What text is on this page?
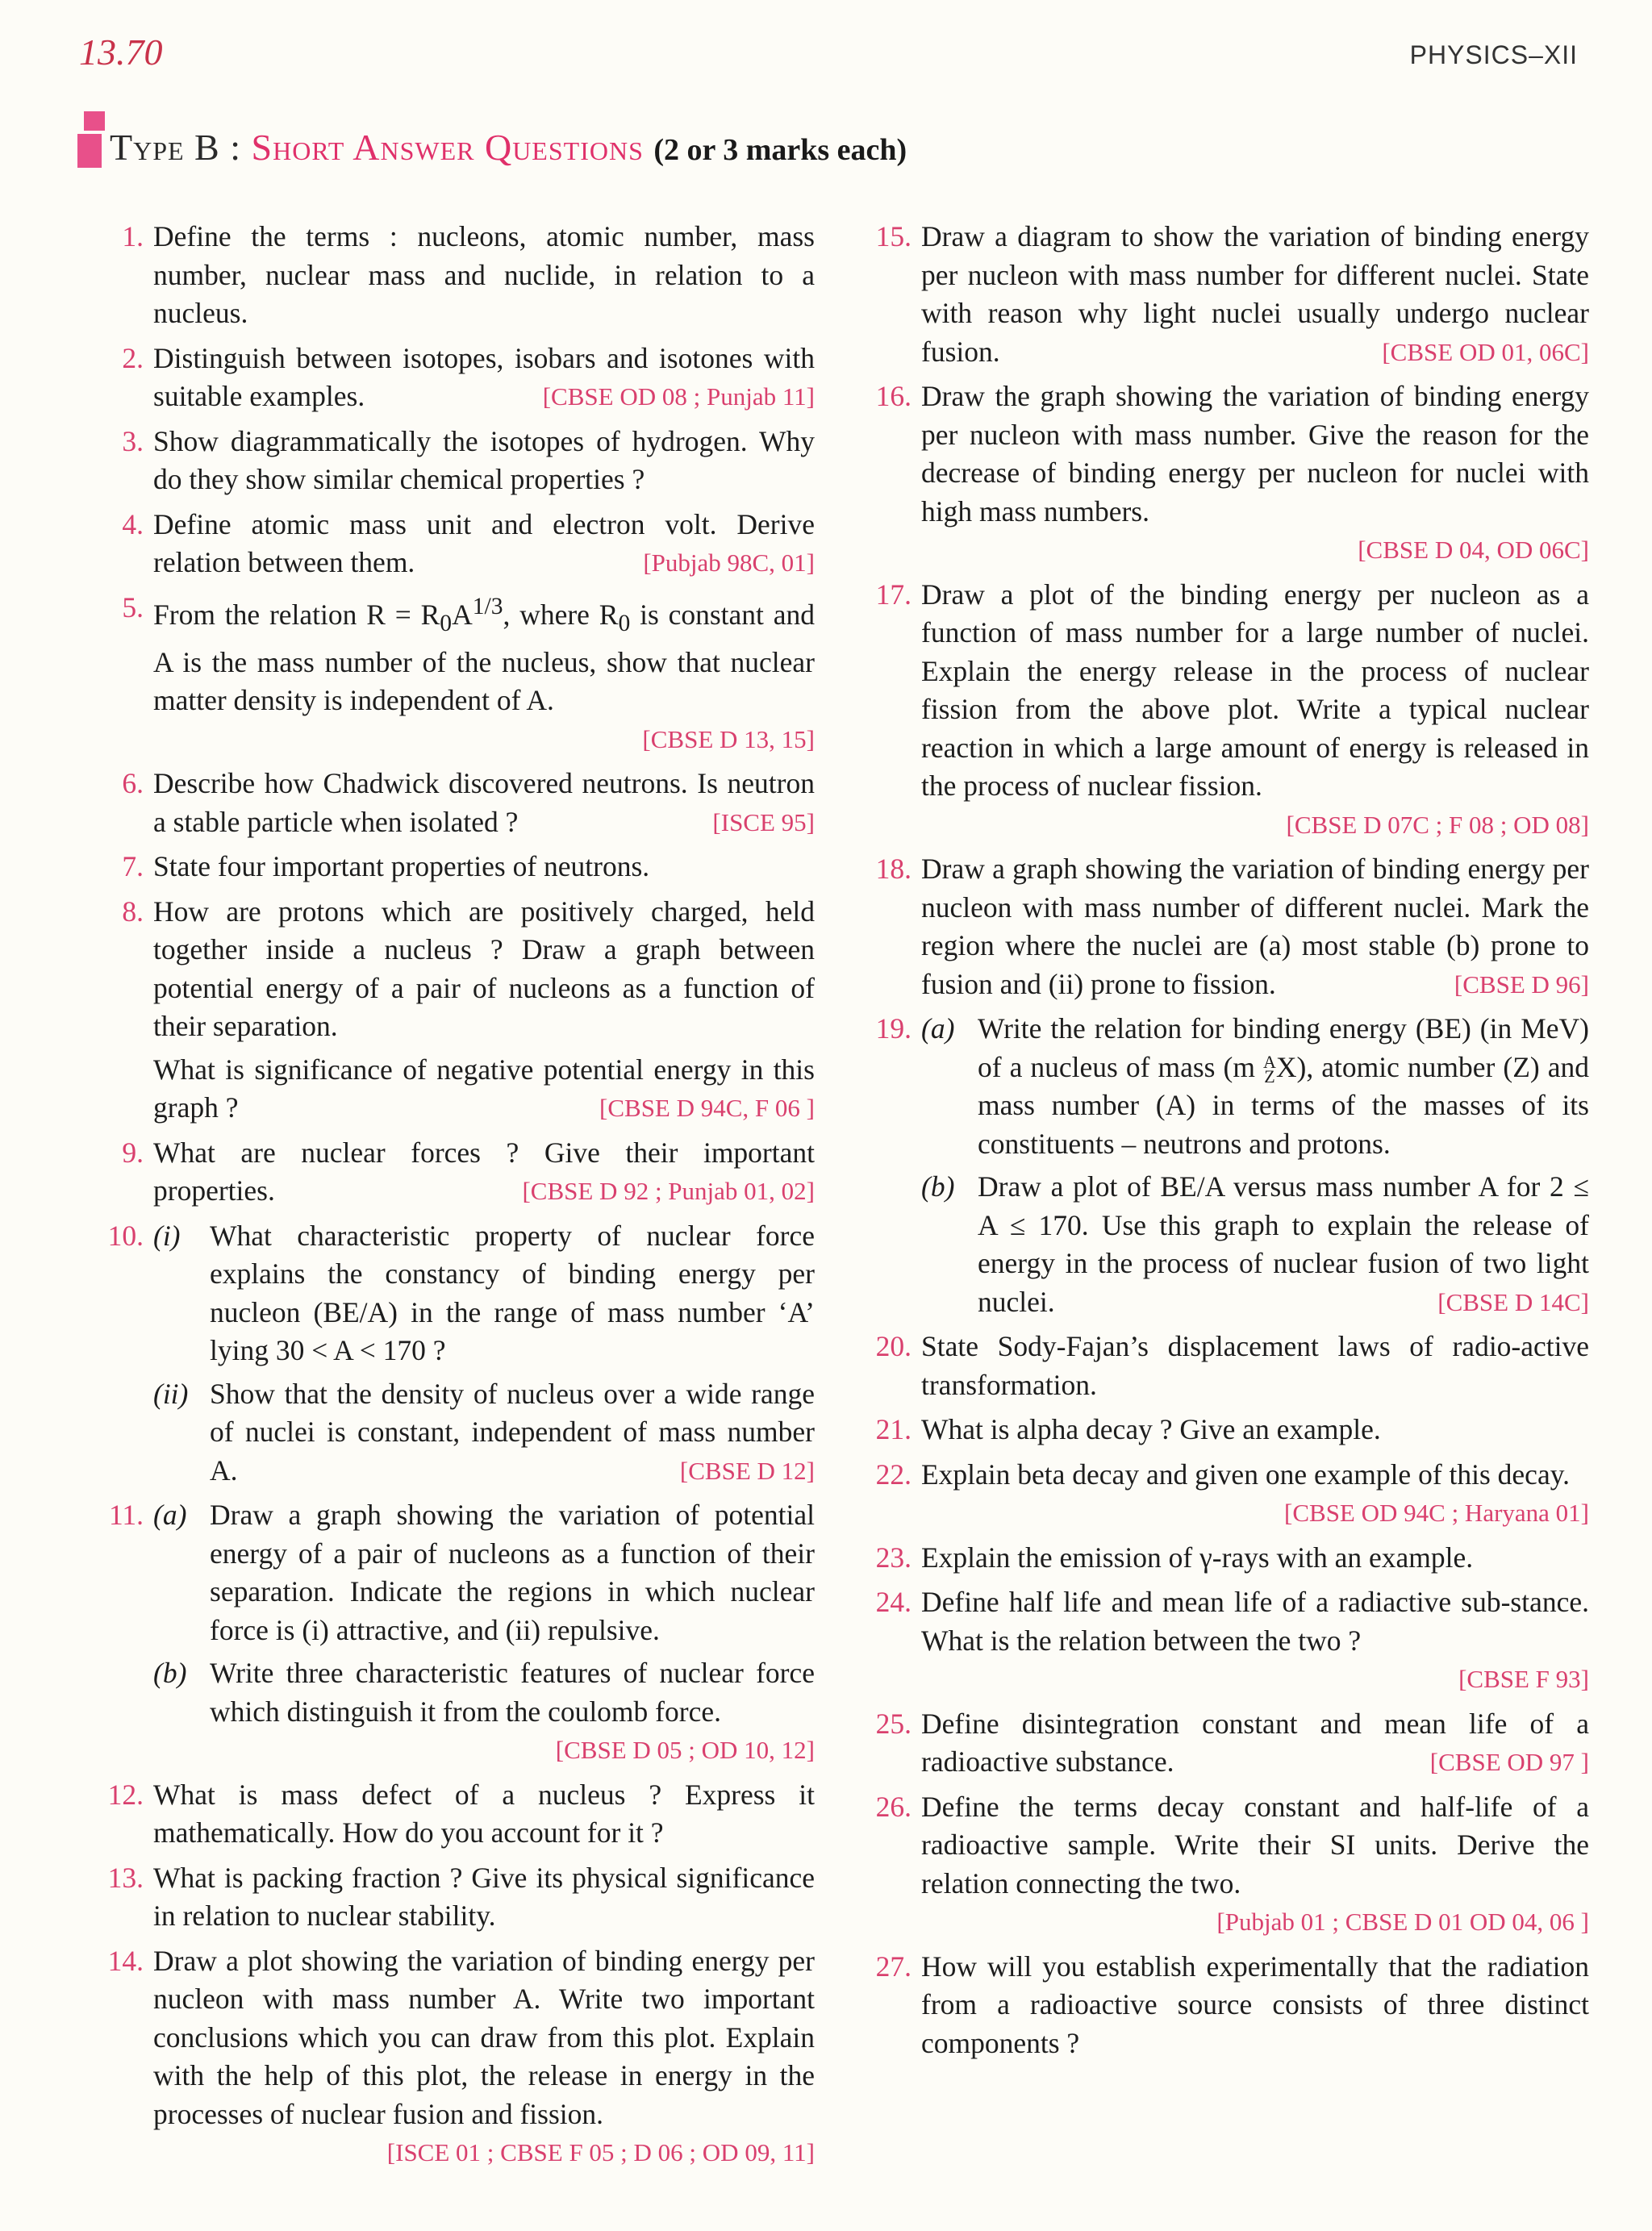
13.70	PHYSICS–XII
Type B : Short Answer Questions (2 or 3 marks each)
1. Define the terms : nucleons, atomic number, mass number, nuclear mass and nuclide, in relation to a nucleus.
2. Distinguish between isotopes, isobars and isotones with suitable examples.	[CBSE OD 08 ; Punjab 11]
3. Show diagrammatically the isotopes of hydrogen. Why do they show similar chemical properties ?
4. Define atomic mass unit and electron volt. Derive relation between them.	[Pubjab 98C, 01]
5. From the relation $R = R_0A^{1/3}$, where $R_0$ is constant and A is the mass number of the nucleus, show that nuclear matter density is independent of A.
[CBSE D 13, 15]
6. Describe how Chadwick discovered neutrons. Is neutron a stable particle when isolated ?	[ISCE 95]
7. State four important properties of neutrons.
8. How are protons which are positively charged, held together inside a nucleus ? Draw a graph between potential energy of a pair of nucleons as a function of their separation.
What is significance of negative potential energy in this graph ?	[CBSE D 94C, F 06 ]
9. What are nuclear forces ? Give their important properties.	[CBSE D 92 ; Punjab 01, 02]
10. (i) What characteristic property of nuclear force explains the constancy of binding energy per nucleon (BE/A) in the range of mass number ‘A’ lying 30 < A < 170 ?
(ii) Show that the density of nucleus over a wide range of nuclei is constant, independent of mass number A.	[CBSE D 12]
11. (a) Draw a graph showing the variation of potential energy of a pair of nucleons as a function of their separation. Indicate the regions in which nuclear force is (i) attractive, and (ii) repulsive.
(b) Write three characteristic features of nuclear force which distinguish it from the coulomb force.
[CBSE D 05 ; OD 10, 12]
12. What is mass defect of a nucleus ? Express it mathematically. How do you account for it ?
13. What is packing fraction ? Give its physical significance in relation to nuclear stability.
14. Draw a plot showing the variation of binding energy per nucleon with mass number A. Write two important conclusions which you can draw from this plot. Explain with the help of this plot, the release in energy in the processes of nuclear fusion and fission.
[ISCE 01 ; CBSE F 05 ; D 06 ; OD 09, 11]
15. Draw a diagram to show the variation of binding energy per nucleon with mass number for different nuclei. State with reason why light nuclei usually undergo nuclear fusion.	[CBSE OD 01, 06C]
16. Draw the graph showing the variation of binding energy per nucleon with mass number. Give the reason for the decrease of binding energy per nucleon for nuclei with high mass numbers.
[CBSE D 04, OD 06C]
17. Draw a plot of the binding energy per nucleon as a function of mass number for a large number of nuclei. Explain the energy release in the process of nuclear fission from the above plot. Write a typical nuclear reaction in which a large amount of energy is released in the process of nuclear fission.
[CBSE D 07C ; F 08 ; OD 08]
18. Draw a graph showing the variation of binding energy per nucleon with mass number of different nuclei. Mark the region where the nuclei are (a) most stable (b) prone to fusion and (ii) prone to fission.	[CBSE D 96]
19. (a) Write the relation for binding energy (BE) (in MeV) of a nucleus of mass (m A
Z X), atomic number (Z) and mass number (A) in terms of the masses of its constituents – neutrons and protons.
(b) Draw a plot of BE/A versus mass number A for 2 ≤ A ≤ 170. Use this graph to explain the release of energy in the process of nuclear fusion of two light nuclei.	[CBSE D 14C]
20. State Sody-Fajan’s displacement laws of radio-active transformation.
21. What is alpha decay ? Give an example.
22. Explain beta decay and given one example of this decay.
[CBSE OD 94C ; Haryana 01]
23. Explain the emission of γ-rays with an example.
24. Define half life and mean life of a radiactive sub-stance. What is the relation between the two ?
[CBSE F 93]
25. Define disintegration constant and mean life of a radioactive substance.	[CBSE OD 97 ]
26. Define the terms decay constant and half-life of a radioactive sample. Write their SI units. Derive the relation connecting the two.
[Pubjab 01 ; CBSE D 01 OD 04, 06 ]
27. How will you establish experimentally that the radiation from a radioactive source consists of three distinct components ?
